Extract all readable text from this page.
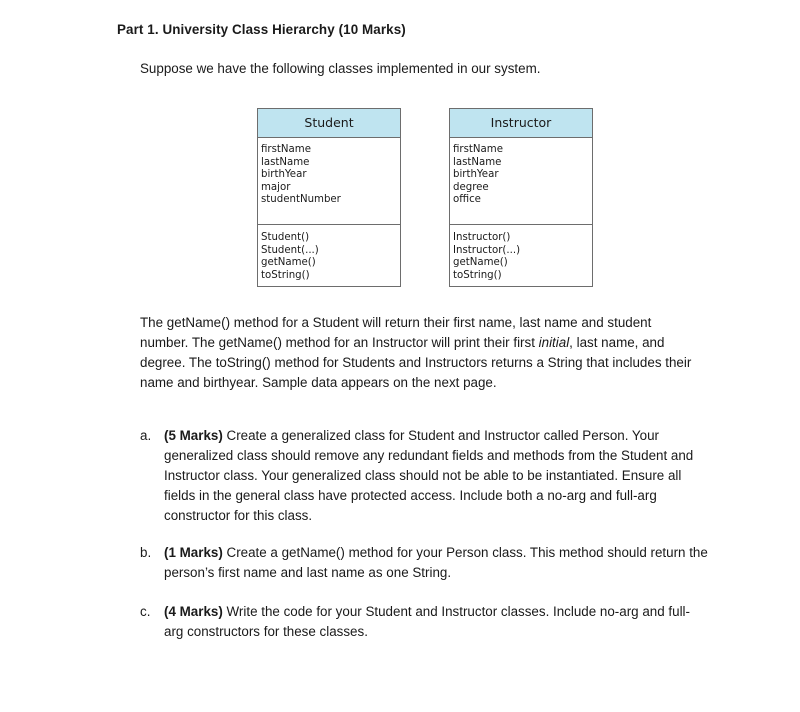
Part 1. University Class Hierarchy (10 Marks)
Suppose we have the following classes implemented in our system.
Student
firstName
lastName
birthYear
major
studentNumber
Student()
Student(...)
getName()
toString()
Instructor
firstName
lastName
birthYear
degree
office
Instructor()
Instructor(...)
getName()
toString()
The getName() method for a Student will return their first name, last name and student number. The getName() method for an Instructor will print their first initial, last name, and degree. The toString() method for Students and Instructors returns a String that includes their name and birthyear. Sample data appears on the next page.
a. (5 Marks) Create a generalized class for Student and Instructor called Person. Your generalized class should remove any redundant fields and methods from the Student and Instructor class. Your generalized class should not be able to be instantiated. Ensure all fields in the general class have protected access. Include both a no-arg and full-arg constructor for this class.
b. (1 Marks) Create a getName() method for your Person class. This method should return the person’s first name and last name as one String.
c. (4 Marks) Write the code for your Student and Instructor classes. Include no-arg and full-arg constructors for these classes.
